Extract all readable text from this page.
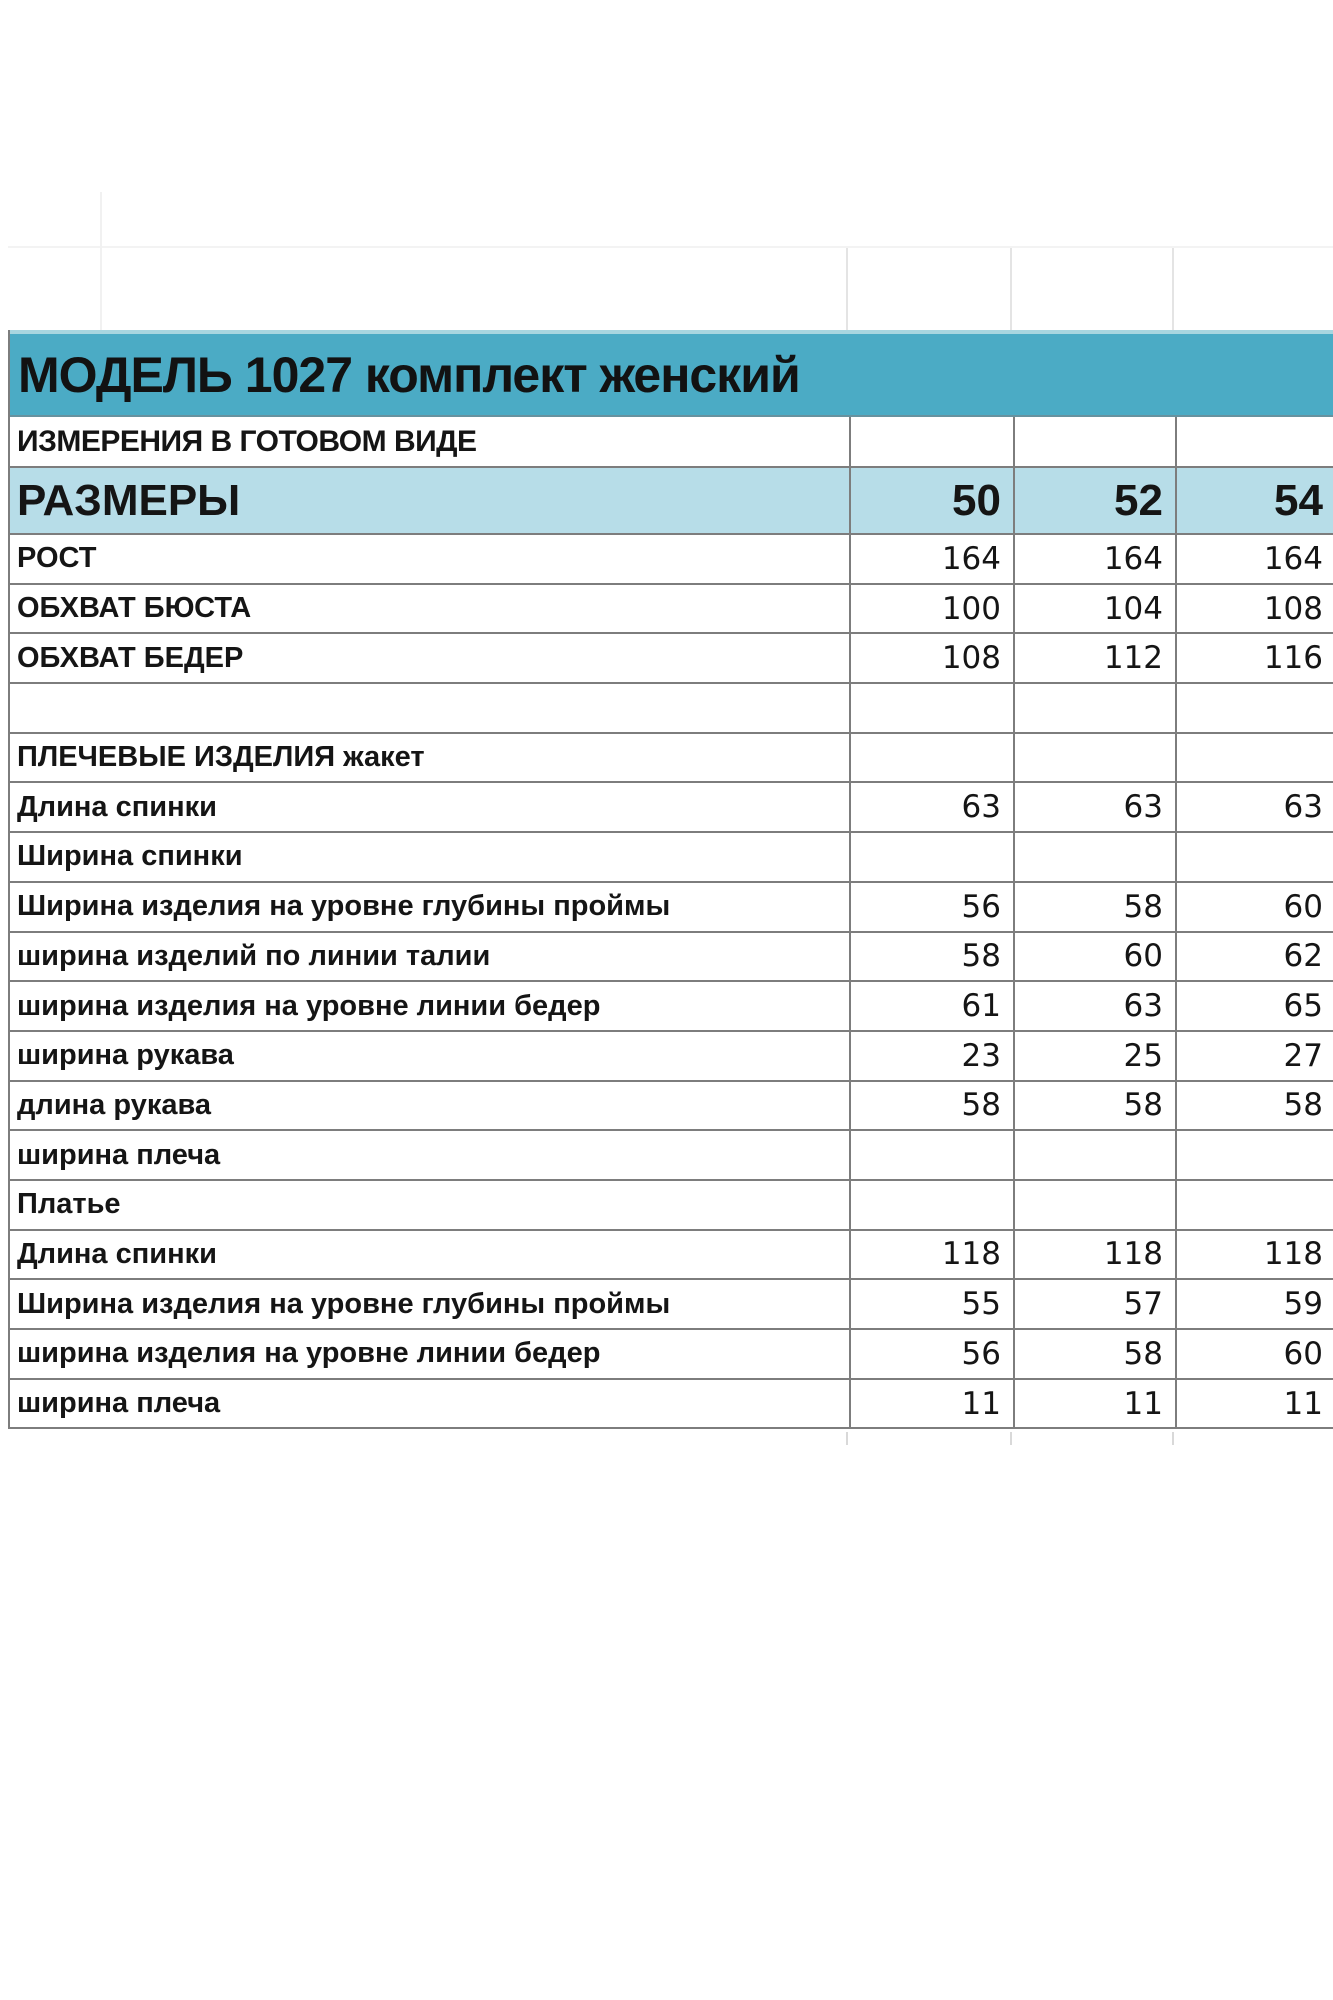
МОДЕЛЬ 1027 комплект женский
ИЗМЕРЕНИЯ В ГОТОВОМ ВИДЕ
РАЗМЕРЫ	50	52	54
РОСТ	164	164	164
ОБХВАТ БЮСТА	100	104	108
ОБХВАТ БЕДЕР	108	112	116
ПЛЕЧЕВЫЕ ИЗДЕЛИЯ жакет
Длина спинки	63	63	63
Ширина спинки
Ширина изделия на уровне глубины проймы	56	58	60
ширина изделий по линии талии	58	60	62
ширина изделия на уровне линии бедер	61	63	65
ширина рукава	23	25	27
длина рукава	58	58	58
ширина плеча
Платье
Длина спинки	118	118	118
Ширина изделия на уровне глубины проймы	55	57	59
ширина изделия на уровне линии бедер	56	58	60
ширина плеча	11	11	11
